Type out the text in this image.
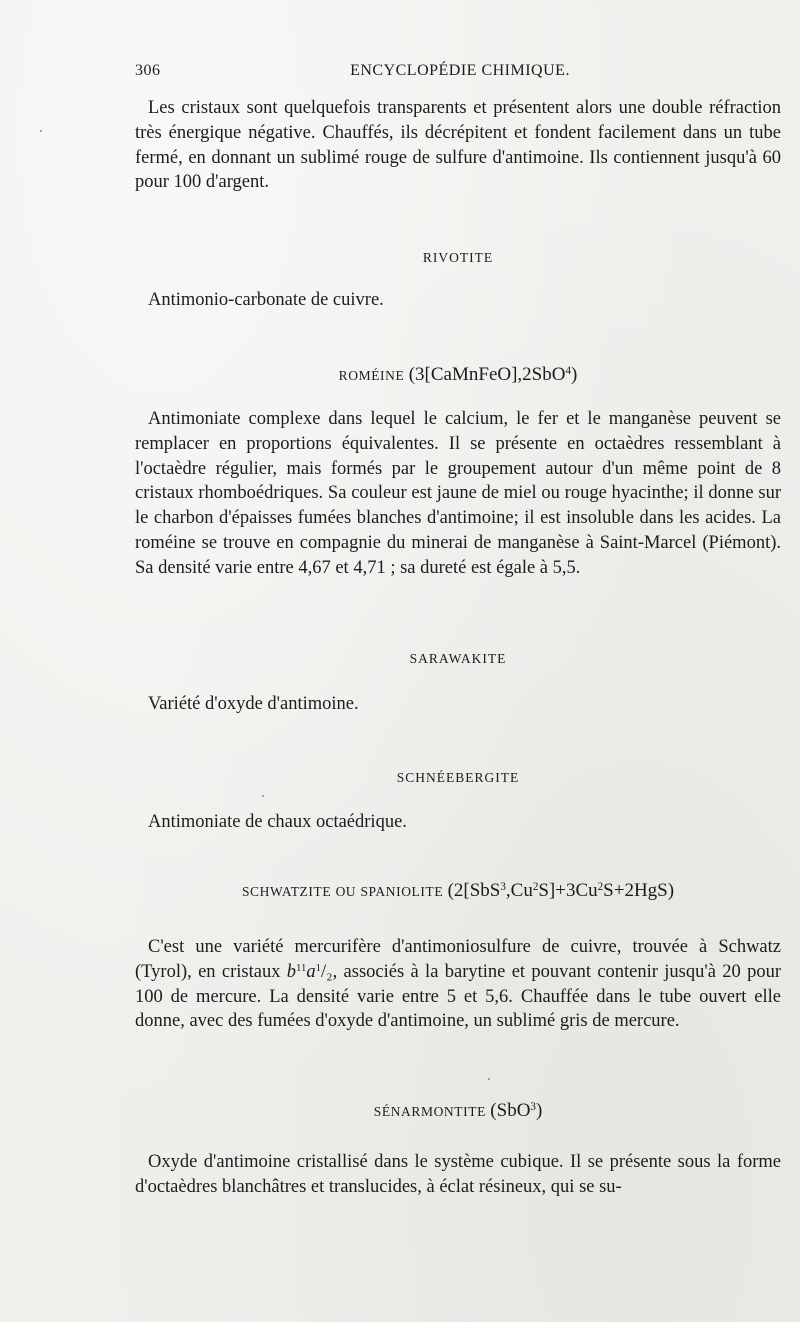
306	ENCYCLOPÉDIE CHIMIQUE.

Les cristaux sont quelquefois transparents et présentent alors une double réfraction très énergique négative. Chauffés, ils décrépitent et fondent facilement dans un tube fermé, en donnant un sublimé rouge de sulfure d'antimoine. Ils contiennent jusqu'à 60 pour 100 d'argent.

RIVOTITE

Antimonio-carbonate de cuivre.

ROMÉINE (3[CaMnFeO],2SbO$^4$)

Antimoniate complexe dans lequel le calcium, le fer et le manganèse peuvent se remplacer en proportions équivalentes. Il se présente en octaèdres ressemblant à l'octaèdre régulier, mais formés par le groupement autour d'un même point de 8 cristaux rhomboédriques. Sa couleur est jaune de miel ou rouge hyacinthe; il donne sur le charbon d'épaisses fumées blanches d'antimoine; il est insoluble dans les acides. La roméine se trouve en compagnie du minerai de manganèse à Saint-Marcel (Piémont). Sa densité varie entre 4,67 et 4,71 ; sa dureté est égale à 5,5.

SARAWAKITE

Variété d'oxyde d'antimoine.

SCHNÉEBERGITE

Antimoniate de chaux octaédrique.

SCHWATZITE OU SPANIOLITE $(2[SbS^3,Cu^2S]+3Cu^2S+2HgS)$

C'est une variété mercurifère d'antimoniosulfure de cuivre, trouvée à Schwatz (Tyrol), en cristaux $b^{11}a^1/_2$, associés à la barytine et pouvant contenir jusqu'à 20 pour 100 de mercure. La densité varie entre 5 et 5,6. Chauffée dans le tube ouvert elle donne, avec des fumées d'oxyde d'antimoine, un sublimé gris de mercure.

SÉNARMONTITE (SbO$^3$)

Oxyde d'antimoine cristallisé dans le système cubique. Il se présente sous la forme d'octaèdres blanchâtres et translucides, à éclat résineux, qui se su-
